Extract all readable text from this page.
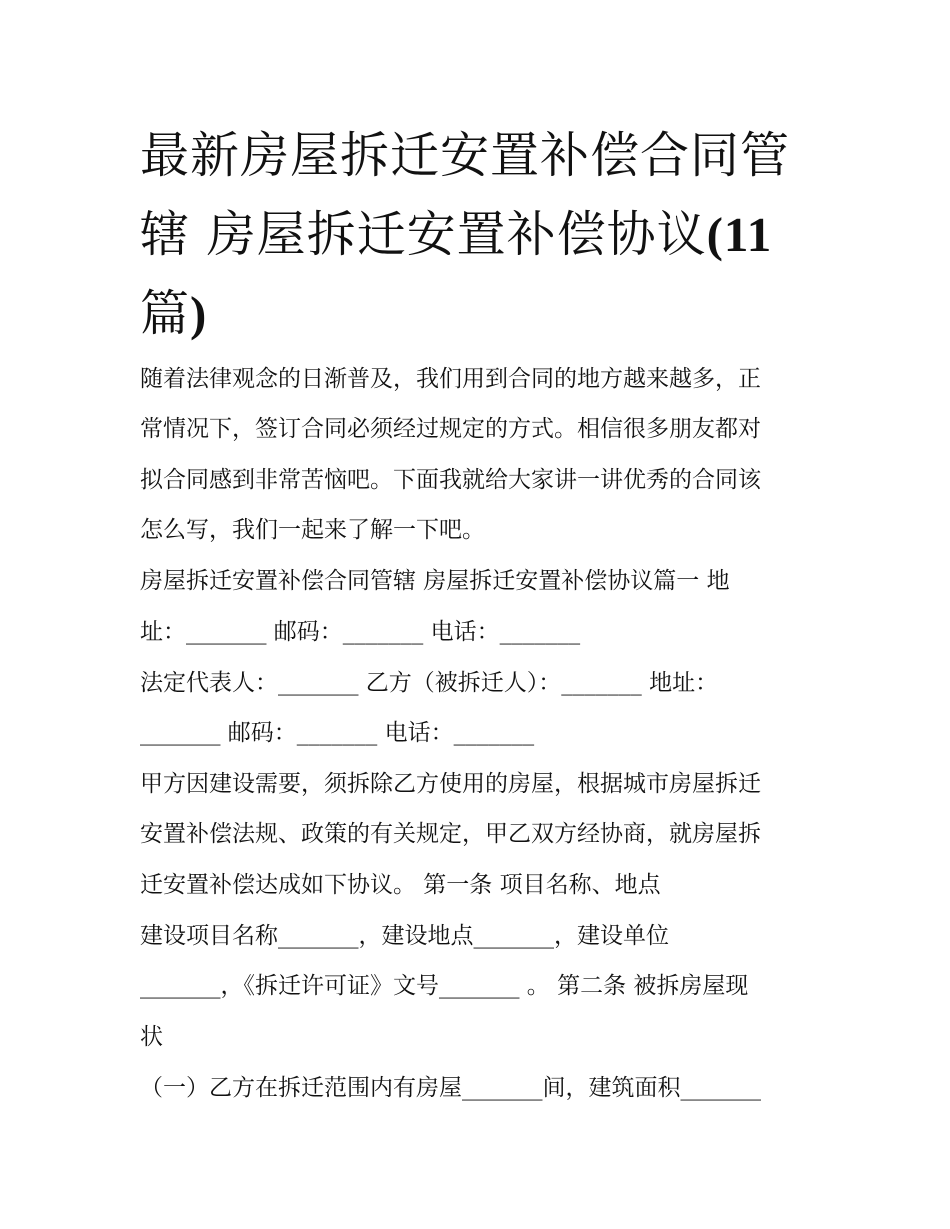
最新房屋拆迁安置补偿合同管
辖 房屋拆迁安置补偿协议(11
篇)

随着法律观念的日渐普及，我们用到合同的地方越来越多，正

常情况下，签订合同必须经过规定的方式。相信很多朋友都对

拟合同感到非常苦恼吧。下面我就给大家讲一讲优秀的合同该

怎么写，我们一起来了解一下吧。

房屋拆迁安置补偿合同管辖 房屋拆迁安置补偿协议篇一 地

址：_______ 邮码：_______ 电话：_______

法定代表人：_______ 乙方（被拆迁人）：_______ 地址：

_______ 邮码：_______ 电话：_______

甲方因建设需要，须拆除乙方使用的房屋，根据城市房屋拆迁

安置补偿法规、政策的有关规定，甲乙双方经协商，就房屋拆

迁安置补偿达成如下协议。 第一条 项目名称、地点

建设项目名称_______，建设地点_______，建设单位

_______，《拆迁许可证》文号_______ 。 第二条 被拆房屋现

状

（一）乙方在拆迁范围内有房屋_______间，建筑面积_______
